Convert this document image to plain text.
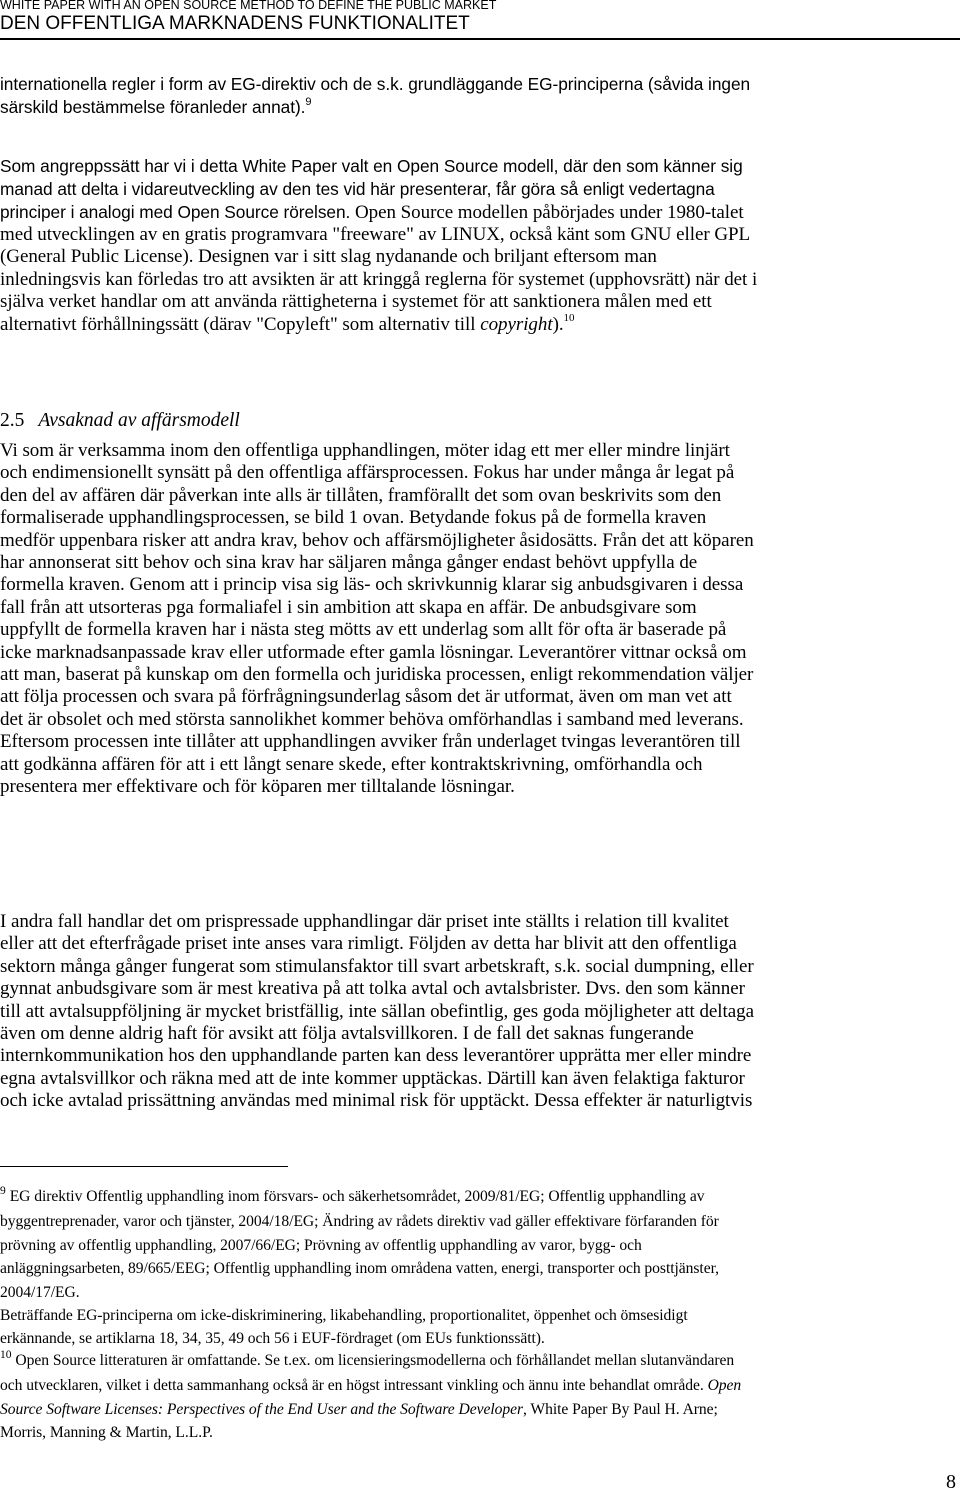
WHITE PAPER WITH AN OPEN SOURCE METHOD TO DEFINE THE PUBLIC MARKET
DEN OFFENTLIGA MARKNADENS FUNKTIONALITET
internationella regler i form av EG-direktiv och de s.k. grundläggande EG-principerna (såvida ingen
särskild bestämmelse föranleder annat).$^9$
Som angreppssätt har vi i detta White Paper valt en Open Source modell, där den som känner sig
manad att delta i vidareutveckling av den tes vid här presenterar, får göra så enligt vedertagna
principer i analogi med Open Source rörelsen. Open Source modellen påbörjades under 1980-talet
med utvecklingen av en gratis programvara "freeware" av LINUX, också känt som GNU eller GPL
(General Public License). Designen var i sitt slag nydanande och briljant eftersom man
inledningsvis kan förledas tro att avsikten är att kringgå reglerna för systemet (upphovsrätt) när det i
själva verket handlar om att använda rättigheterna i systemet för att sanktionera målen med ett
alternativt förhållningssätt (därav "Copyleft" som alternativ till copyright).$^{10}$
2.5 Avsaknad av affärsmodell
Vi som är verksamma inom den offentliga upphandlingen, möter idag ett mer eller mindre linjärt
och endimensionellt synsätt på den offentliga affärsprocessen. Fokus har under många år legat på
den del av affären där påverkan inte alls är tillåten, framförallt det som ovan beskrivits som den
formaliserade upphandlingsprocessen, se bild 1 ovan. Betydande fokus på de formella kraven
medför uppenbara risker att andra krav, behov och affärsmöjligheter åsidosätts. Från det att köparen
har annonserat sitt behov och sina krav har säljaren många gånger endast behövt uppfylla de
formella kraven. Genom att i princip visa sig läs- och skrivkunnig klarar sig anbudsgivaren i dessa
fall från att utsorteras pga formaliafel i sin ambition att skapa en affär. De anbudsgivare som
uppfyllt de formella kraven har i nästa steg mötts av ett underlag som allt för ofta är baserade på
icke marknadsanpassade krav eller utformade efter gamla lösningar. Leverantörer vittnar också om
att man, baserat på kunskap om den formella och juridiska processen, enligt rekommendation väljer
att följa processen och svara på förfrågningsunderlag såsom det är utformat, även om man vet att
det är obsolet och med största sannolikhet kommer behöva omförhandlas i samband med leverans.
Eftersom processen inte tillåter att upphandlingen avviker från underlaget tvingas leverantören till
att godkänna affären för att i ett långt senare skede, efter kontraktskrivning, omförhandla och
presentera mer effektivare och för köparen mer tilltalande lösningar.
I andra fall handlar det om prispressade upphandlingar där priset inte ställts i relation till kvalitet
eller att det efterfrågade priset inte anses vara rimligt. Följden av detta har blivit att den offentliga
sektorn många gånger fungerat som stimulansfaktor till svart arbetskraft, s.k. social dumpning, eller
gynnat anbudsgivare som är mest kreativa på att tolka avtal och avtalsbrister. Dvs. den som känner
till att avtalsuppföljning är mycket bristfällig, inte sällan obefintlig, ges goda möjligheter att deltaga
även om denne aldrig haft för avsikt att följa avtalsvillkoren. I de fall det saknas fungerande
internkommunikation hos den upphandlande parten kan dess leverantörer upprätta mer eller mindre
egna avtalsvillkor och räkna med att de inte kommer upptäckas. Därtill kan även felaktiga fakturor
och icke avtalad prissättning användas med minimal risk för upptäckt. Dessa effekter är naturligtvis
$^9$ EG direktiv Offentlig upphandling inom försvars- och säkerhetsområdet, 2009/81/EG; Offentlig upphandling av
byggentreprenader, varor och tjänster, 2004/18/EG; Ändring av rådets direktiv vad gäller effektivare förfaranden för
prövning av offentlig upphandling, 2007/66/EG; Prövning av offentlig upphandling av varor, bygg- och
anläggningsarbeten, 89/665/EEG; Offentlig upphandling inom områdena vatten, energi, transporter och posttjänster,
2004/17/EG.
Beträffande EG-principerna om icke-diskriminering, likabehandling, proportionalitet, öppenhet och ömsesidigt
erkännande, se artiklarna 18, 34, 35, 49 och 56 i EUF-fördraget (om EUs funktionssätt).
$^{10}$ Open Source litteraturen är omfattande. Se t.ex. om licensieringsmodellerna och förhållandet mellan slutanvändaren
och utvecklaren, vilket i detta sammanhang också är en högst intressant vinkling och ännu inte behandlat område. Open
Source Software Licenses: Perspectives of the End User and the Software Developer, White Paper By Paul H. Arne;
Morris, Manning & Martin, L.L.P.
8
